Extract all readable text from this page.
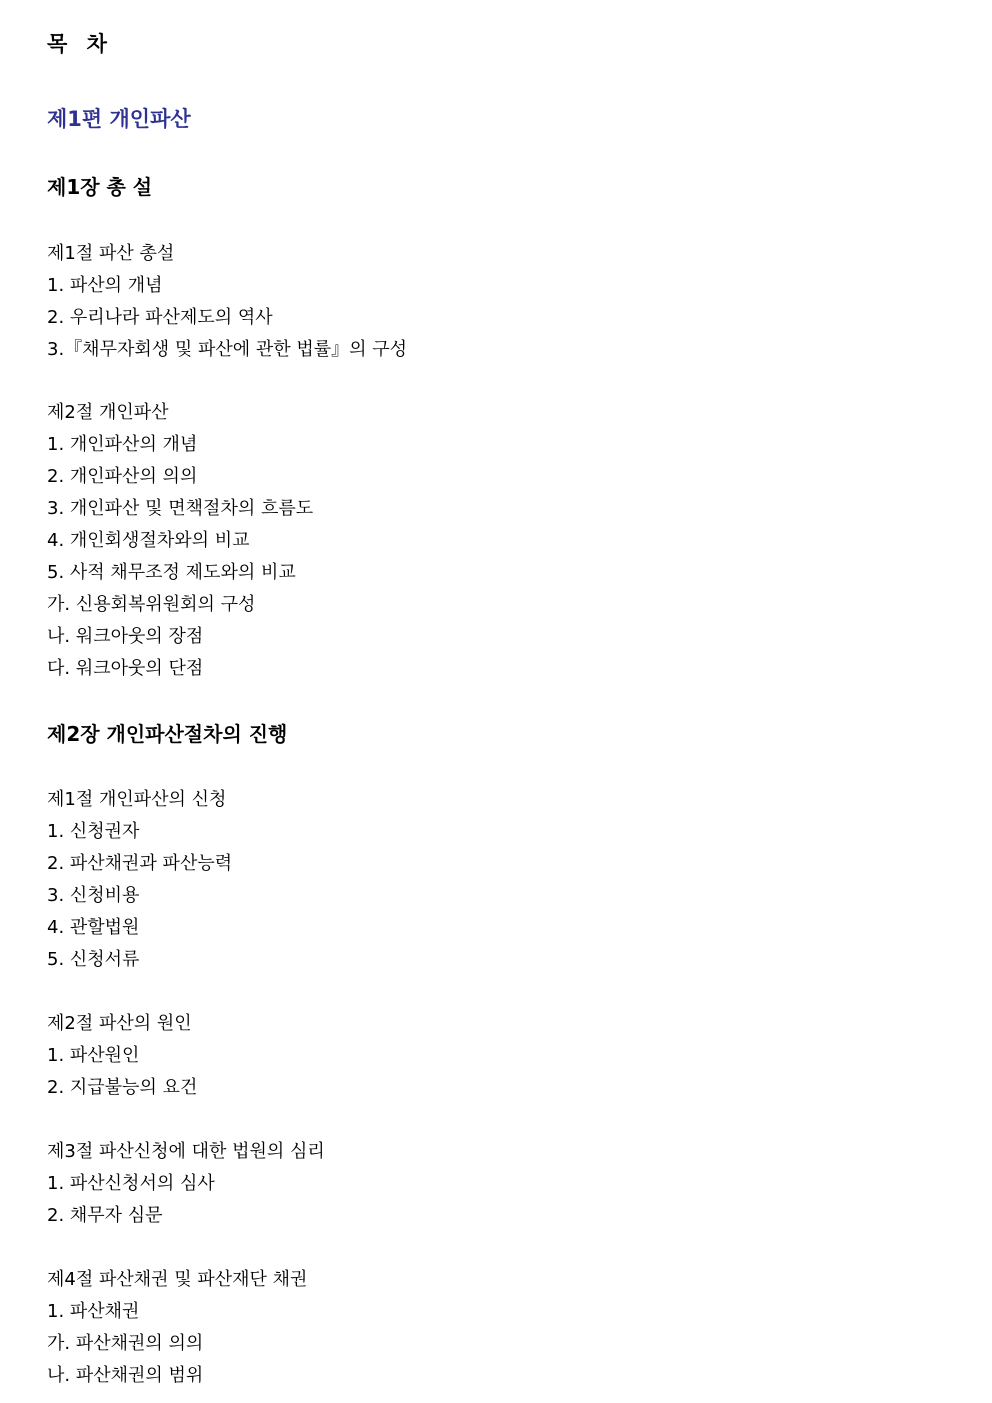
목 차
제1편 개인파산
제1장 총 설
제1절 파산 총설
1. 파산의 개념
2. 우리나라 파산제도의 역사
3.『채무자회생 및 파산에 관한 법률』의 구성
제2절 개인파산
1. 개인파산의 개념
2. 개인파산의 의의
3. 개인파산 및 면책절차의 흐름도
4. 개인회생절차와의 비교
5. 사적 채무조정 제도와의 비교
가. 신용회복위원회의 구성
나. 워크아웃의 장점
다. 워크아웃의 단점
제2장 개인파산절차의 진행
제1절 개인파산의 신청
1. 신청권자
2. 파산채권과 파산능력
3. 신청비용
4. 관할법원
5. 신청서류
제2절 파산의 원인
1. 파산원인
2. 지급불능의 요건
제3절 파산신청에 대한 법원의 심리
1. 파산신청서의 심사
2. 채무자 심문
제4절 파산채권 및 파산재단 채권
1. 파산채권
가. 파산채권의 의의
나. 파산채권의 범위
